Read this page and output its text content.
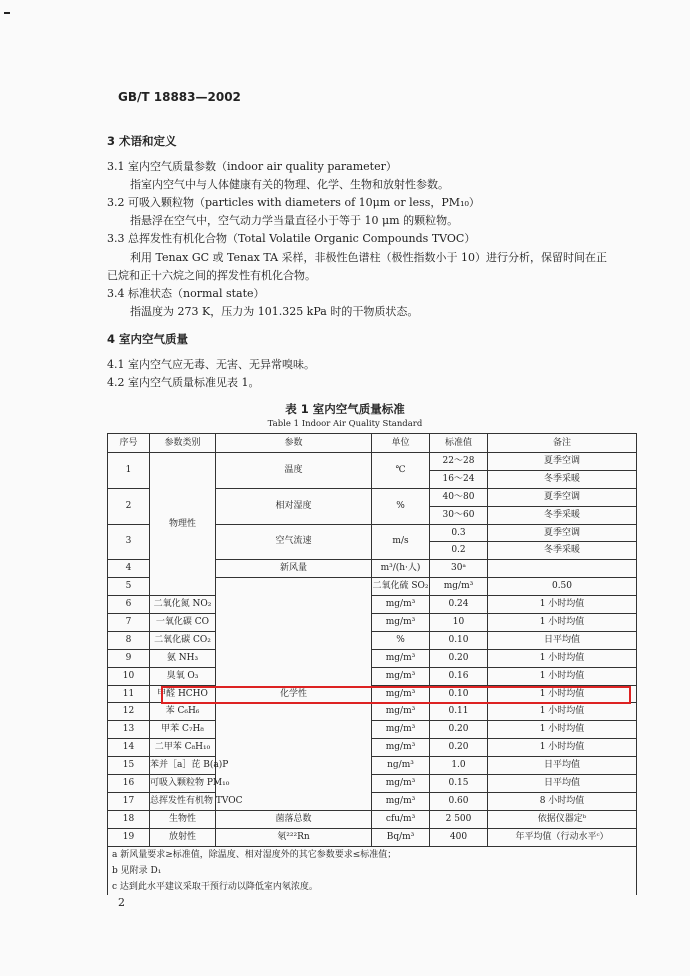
GB/T 18883—2002
3 术语和定义
3.1 室内空气质量参数（indoor air quality parameter）
指室内空气中与人体健康有关的物理、化学、生物和放射性参数。
3.2 可吸入颗粒物（particles with diameters of 10μm or less，PM₁₀）
指悬浮在空气中，空气动力学当量直径小于等于 10 μm 的颗粒物。
3.3 总挥发性有机化合物（Total Volatile Organic Compounds TVOC）
利用 Tenax GC 或 Tenax TA 采样，非极性色谱柱（极性指数小于 10）进行分析，保留时间在正
已烷和正十六烷之间的挥发性有机化合物。
3.4 标准状态（normal state）
指温度为 273 K，压力为 101.325 kPa 时的干物质状态。
4 室内空气质量
4.1 室内空气应无毒、无害、无异常嗅味。
4.2 室内空气质量标准见表 1。
表 1 室内空气质量标准
Table 1 Indoor Air Quality Standard
序号	参数类别	参数	单位	标准值	备注	
1	物理性	温度	℃	22～28	夏季空调	
				16～24	冬季采暖	
2		相对湿度	%	40～80	夏季空调	
				30～60	冬季采暖	
3		空气流速	m/s	0.3	夏季空调	
				0.2	冬季采暖	
4		新风量	m³/(h·人)	30ᵃ		
5		化学性	二氧化硫 SO₂	mg/m³	0.50	
6	二氧化氮 NO₂		mg/m³	0.24	1 小时均值	
7	一氧化碳 CO		mg/m³	10	1 小时均值	
8	二氧化碳 CO₂		%	0.10	日平均值	
9	氨 NH₃		mg/m³	0.20	1 小时均值	
10	臭氧 O₃		mg/m³	0.16	1 小时均值	
11	甲醛 HCHO		mg/m³	0.10	1 小时均值	
12	苯 C₆H₆		mg/m³	0.11	1 小时均值	
13	甲苯 C₇H₈		mg/m³	0.20	1 小时均值	
14	二甲苯 C₈H₁₀		mg/m³	0.20	1 小时均值	
15	苯并［a］芘 B(a)P		ng/m³	1.0	日平均值	
16	可吸入颗粒物 PM₁₀		mg/m³	0.15	日平均值	
17	总挥发性有机物 TVOC		mg/m³	0.60	8 小时均值	
18	生物性	菌落总数	cfu/m³	2 500	依据仪器定ᵇ	
19	放射性	氡²²²Rn	Bq/m³	400	年平均值（行动水平ᶜ）	

a 新风量要求≥标准值，除温度、相对湿度外的其它参数要求≤标准值；
b 见附录 D₁
c 达到此水平建议采取干预行动以降低室内氡浓度。						
2
